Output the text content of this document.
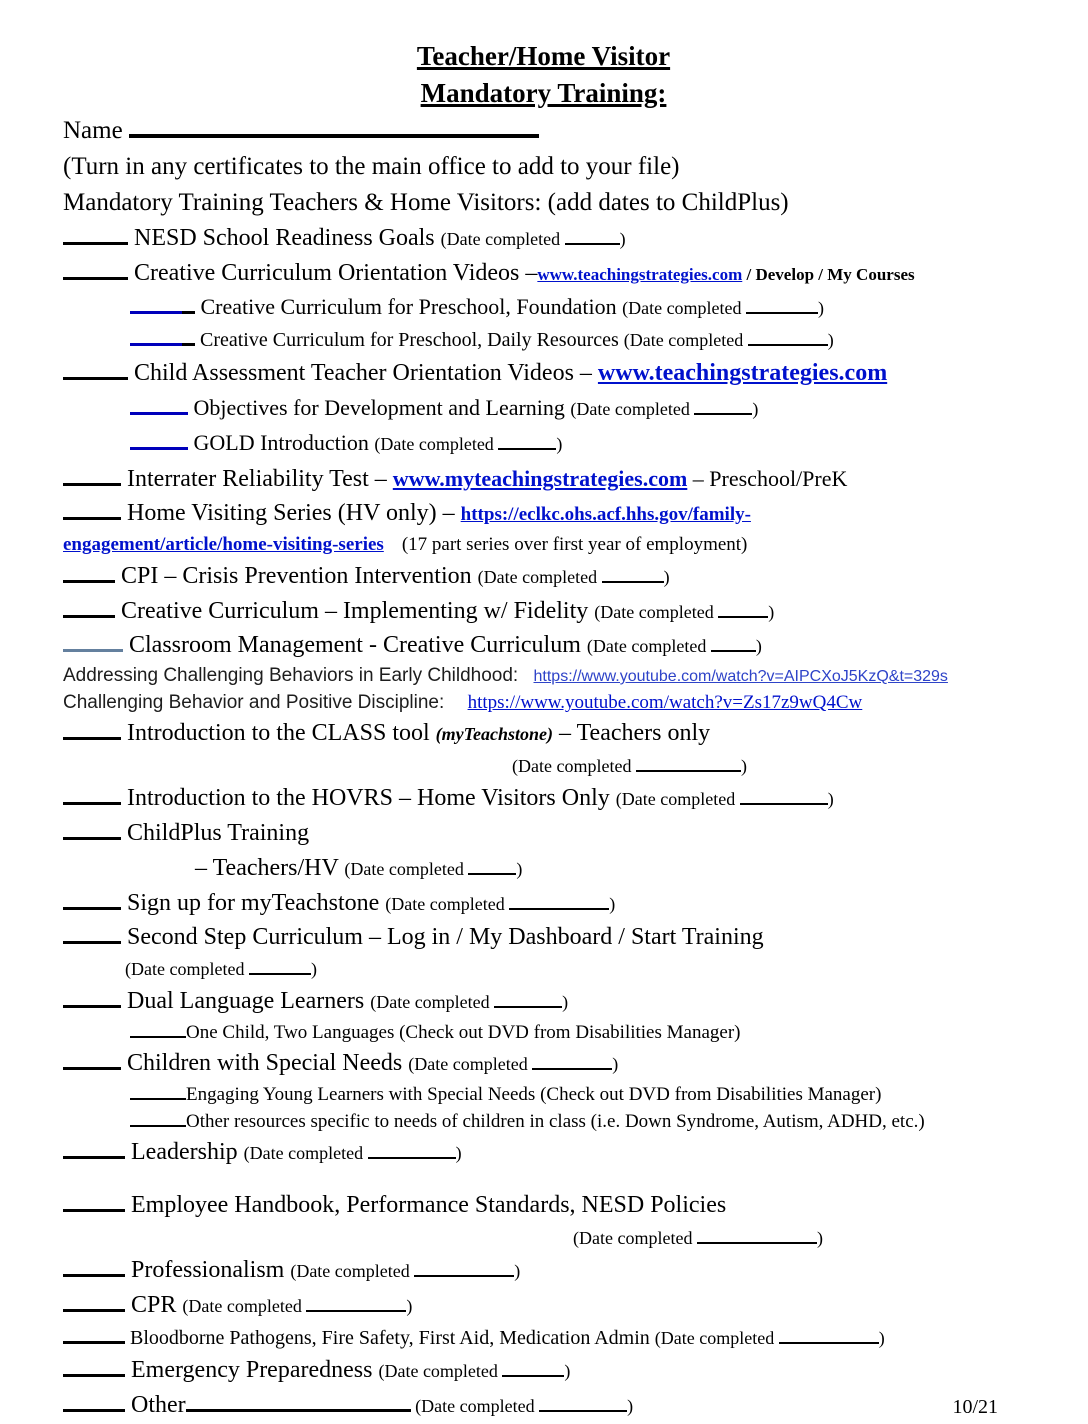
Teacher/Home Visitor
Mandatory Training:
Name
(Turn in any certificates to the main office to add to your file)
Mandatory Training Teachers & Home Visitors: (add dates to ChildPlus)
NESD School Readiness Goals (Date completed	)
Creative Curriculum Orientation Videos –www.teachingstrategies.com / Develop / My Courses
Creative Curriculum for Preschool, Foundation (Date completed	)
Creative Curriculum for Preschool, Daily Resources (Date completed	)
Child Assessment Teacher Orientation Videos – www.teachingstrategies.com
Objectives for Development and Learning (Date completed	)
GOLD Introduction (Date completed	)
Interrater Reliability Test – www.myteachingstrategies.com – Preschool/PreK
Home Visiting Series (HV only) – https://eclkc.ohs.acf.hhs.gov/family-
engagement/article/home-visiting-series (17 part series over first year of employment)
CPI – Crisis Prevention Intervention (Date completed	)
Creative Curriculum – Implementing w/ Fidelity (Date completed	)
Classroom Management - Creative Curriculum (Date completed	)
Addressing Challenging Behaviors in Early Childhood: https://www.youtube.com/watch?v=AIPCXoJ5KzQ&t=329s
Challenging Behavior and Positive Discipline: https://www.youtube.com/watch?v=Zs17z9wQ4Cw
Introduction to the CLASS tool (myTeachstone) – Teachers only
(Date completed	)
Introduction to the HOVRS – Home Visitors Only (Date completed	)
ChildPlus Training
– Teachers/HV (Date completed	)
Sign up for myTeachstone (Date completed	)
Second Step Curriculum – Log in / My Dashboard / Start Training
(Date completed	)
Dual Language Learners (Date completed	)
One Child, Two Languages (Check out DVD from Disabilities Manager)
Children with Special Needs (Date completed	)
Engaging Young Learners with Special Needs (Check out DVD from Disabilities Manager)
Other resources specific to needs of children in class (i.e. Down Syndrome, Autism, ADHD, etc.)
Leadership (Date completed	)
Employee Handbook, Performance Standards, NESD Policies
(Date completed	)
Professionalism (Date completed	)
CPR (Date completed	)
Bloodborne Pathogens, Fire Safety, First Aid, Medication Admin (Date completed	)
Emergency Preparedness (Date completed	)
Other	(Date completed	)	10/21
